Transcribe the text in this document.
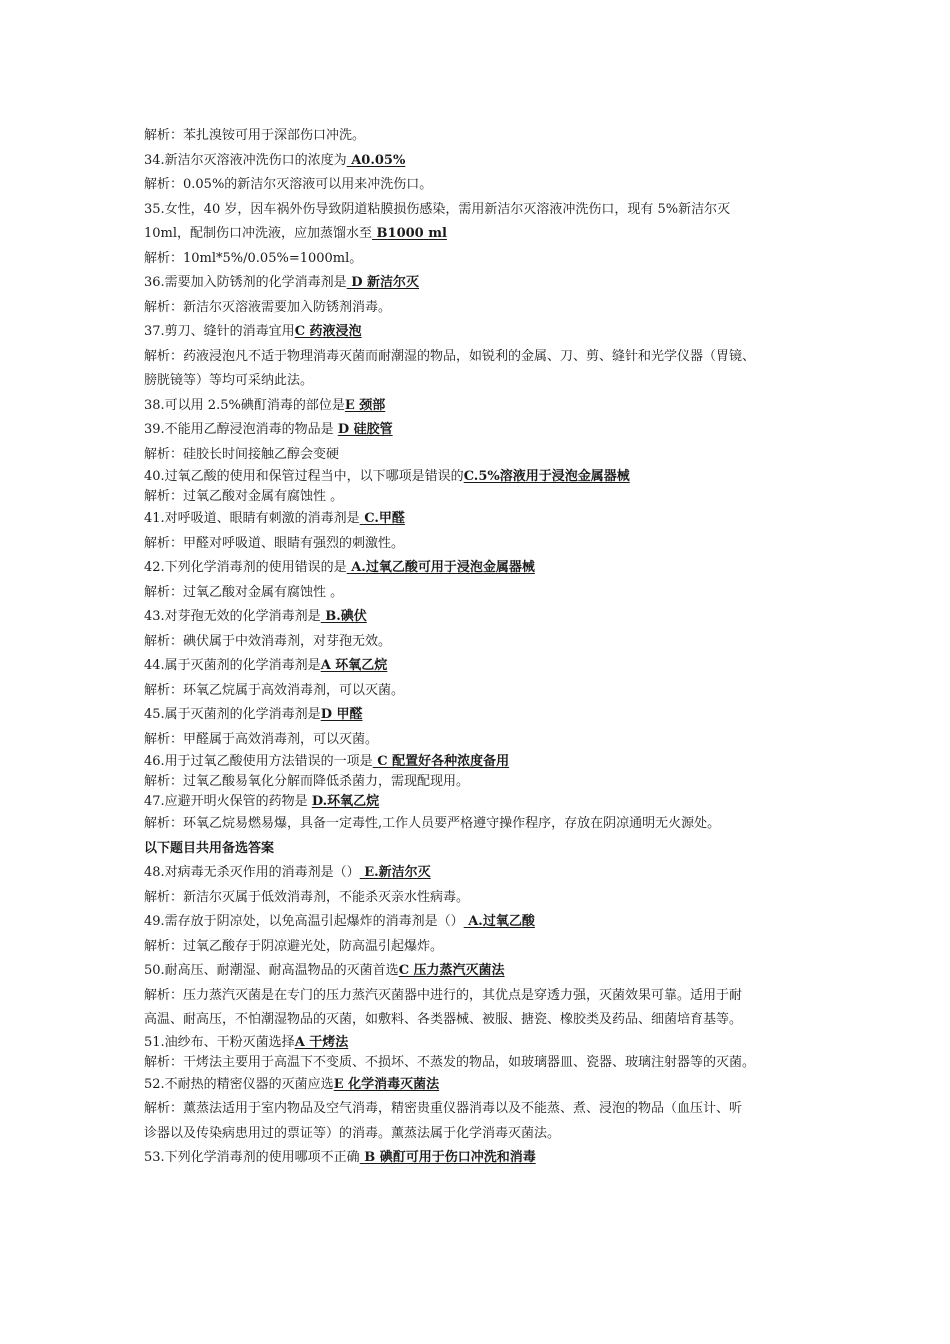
解析：苯扎溴铵可用于深部伤口冲洗。
34.新洁尔灭溶液冲洗伤口的浓度为 A0.05%
解析：0.05%的新洁尔灭溶液可以用来冲洗伤口。
35.女性，40 岁，因车祸外伤导致阴道粘膜损伤感染，需用新洁尔灭溶液冲洗伤口，现有 5%新洁尔灭
10ml，配制伤口冲洗液，应加蒸馏水至 B1000 ml
解析：10ml*5%/0.05%=1000ml。
36.需要加入防锈剂的化学消毒剂是 D 新洁尔灭
解析：新洁尔灭溶液需要加入防锈剂消毒。
37.剪刀、缝针的消毒宜用C 药液浸泡
解析：药液浸泡凡不适于物理消毒灭菌而耐潮湿的物品，如锐利的金属、刀、剪、缝针和光学仪器（胃镜、
膀胱镜等）等均可采纳此法。
38.可以用 2.5%碘酊消毒的部位是E 颈部
39.不能用乙醇浸泡消毒的物品是 D 硅胶管
解析：硅胶长时间接触乙醇会变硬
40.过氧乙酸的使用和保管过程当中，以下哪项是错误的C.5%溶液用于浸泡金属器械
解析：过氧乙酸对金属有腐蚀性 。
41.对呼吸道、眼睛有刺激的消毒剂是 C.甲醛
解析：甲醛对呼吸道、眼睛有强烈的刺激性。
42.下列化学消毒剂的使用错误的是 A.过氧乙酸可用于浸泡金属器械
解析：过氧乙酸对金属有腐蚀性 。
43.对芽孢无效的化学消毒剂是 B.碘伏
解析：碘伏属于中效消毒剂，对芽孢无效。
44.属于灭菌剂的化学消毒剂是A 环氧乙烷
解析：环氧乙烷属于高效消毒剂，可以灭菌。
45.属于灭菌剂的化学消毒剂是D 甲醛
解析：甲醛属于高效消毒剂，可以灭菌。
46.用于过氧乙酸使用方法错误的一项是 C 配置好各种浓度备用
解析：过氧乙酸易氧化分解而降低杀菌力，需现配现用。
47.应避开明火保管的药物是 D.环氧乙烷
解析：环氧乙烷易燃易爆，具备一定毒性,工作人员要严格遵守操作程序，存放在阴凉通明无火源处。
以下题目共用备选答案
48.对病毒无杀灭作用的消毒剂是（） E.新洁尔灭
解析：新洁尔灭属于低效消毒剂，不能杀灭亲水性病毒。
49.需存放于阴凉处，以免高温引起爆炸的消毒剂是（） A.过氧乙酸
解析：过氧乙酸存于阴凉避光处，防高温引起爆炸。
50.耐高压、耐潮湿、耐高温物品的灭菌首选C 压力蒸汽灭菌法
解析：压力蒸汽灭菌是在专门的压力蒸汽灭菌器中进行的，其优点是穿透力强，灭菌效果可靠。适用于耐
高温、耐高压，不怕潮湿物品的灭菌，如敷料、各类器械、被服、搪瓷、橡胶类及药品、细菌培育基等。
51.油纱布、干粉灭菌选择A 干烤法
解析：干烤法主要用于高温下不变质、不损坏、不蒸发的物品，如玻璃器皿、瓷器、玻璃注射器等的灭菌。
52.不耐热的精密仪器的灭菌应选E 化学消毒灭菌法
解析：薰蒸法适用于室内物品及空气消毒，精密贵重仪器消毒以及不能蒸、煮、浸泡的物品（血压计、听
诊器以及传染病患用过的票证等）的消毒。薰蒸法属于化学消毒灭菌法。
53.下列化学消毒剂的使用哪项不正确 B 碘酊可用于伤口冲洗和消毒
